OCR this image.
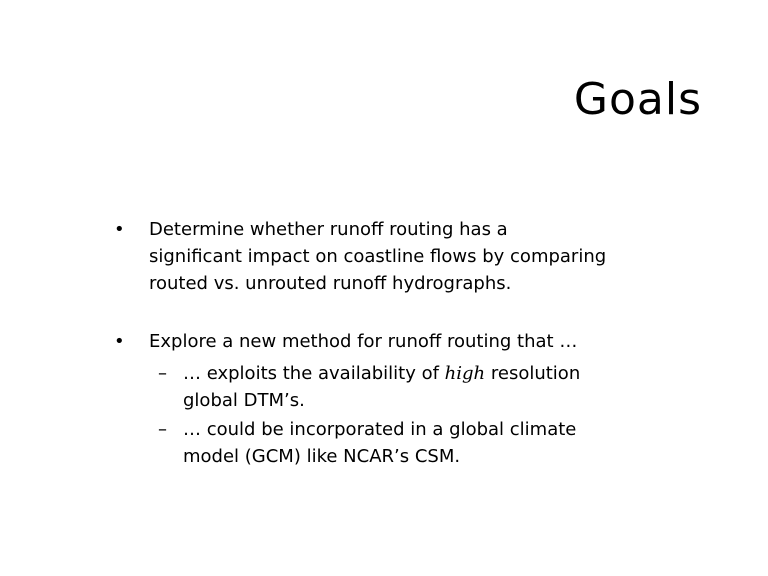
Goals
• Determine whether runoff routing has a
significant impact on coastline flows by comparing
routed vs. unrouted runoff hydrographs.
• Explore a new method for runoff routing that …
– … exploits the availability of high resolution
global DTM’s.
– … could be incorporated in a global climate
model (GCM) like NCAR’s CSM.
